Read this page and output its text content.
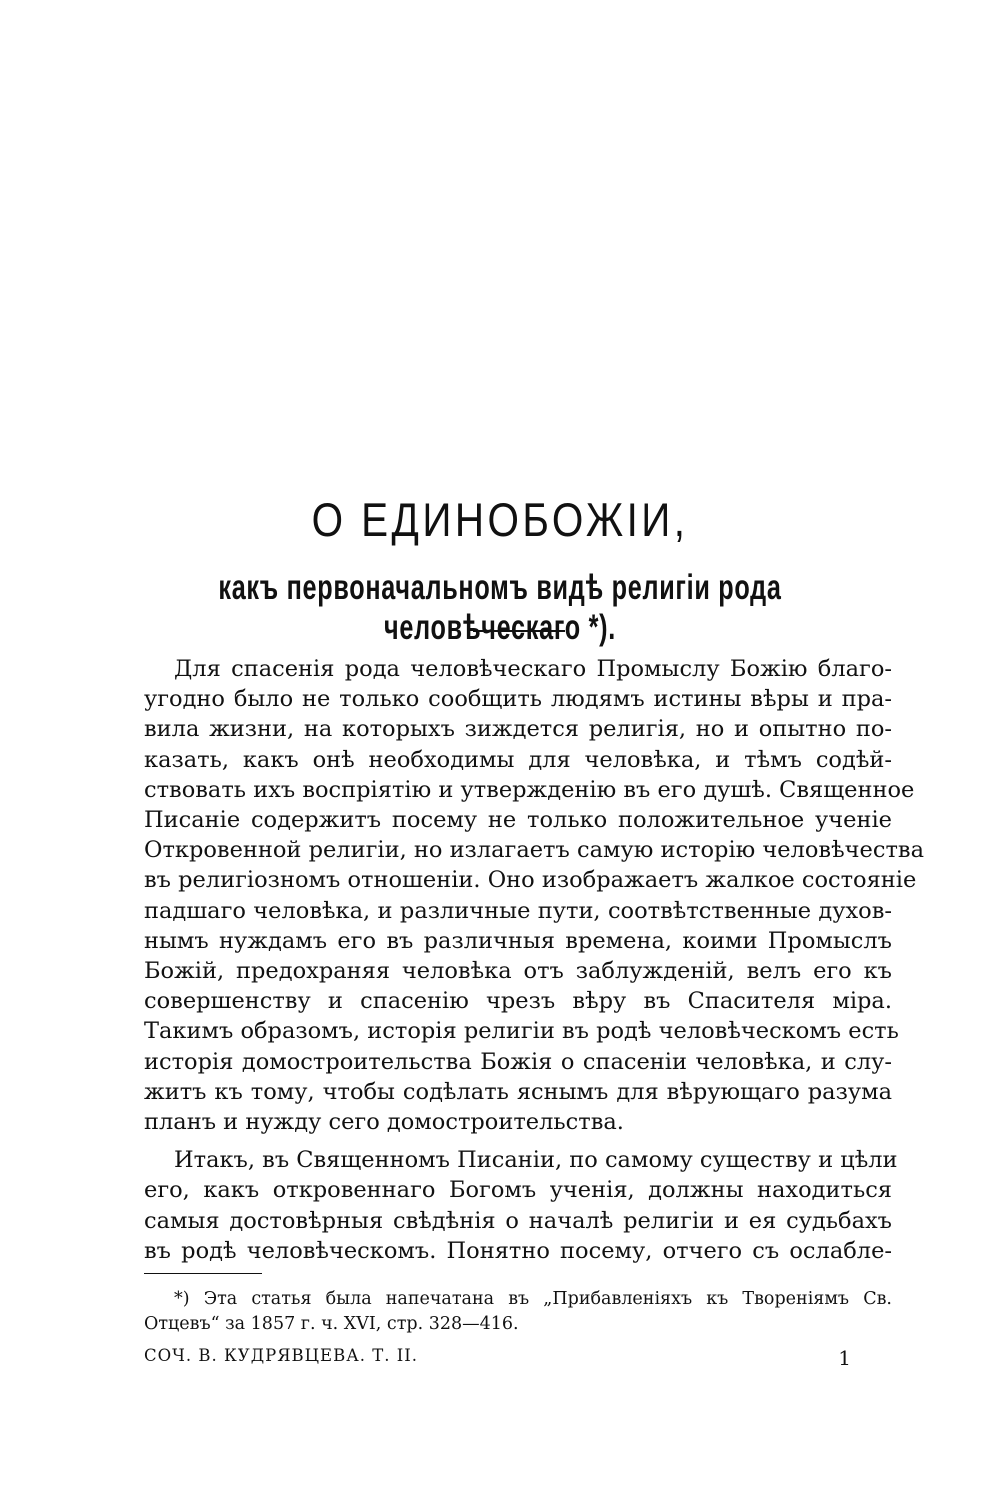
О ЕДИНОБОЖІИ,
какъ первоначальномъ видѣ религіи рода человѣческаго *).
Для спасенія рода человѣческаго Промыслу Божію благо-
угодно было не только сообщить людямъ истины вѣры и пра-
вила жизни, на которыхъ зиждется религія, но и опытно по-
казать, какъ онѣ необходимы для человѣка, и тѣмъ содѣй-
ствовать ихъ воспріятію и утвержденію въ его душѣ. Священное
Писаніе содержитъ посему не только положительное ученіе
Откровенной религіи, но излагаетъ самую исторію человѣчества
въ религіозномъ отношеніи. Оно изображаетъ жалкое состояніе
падшаго человѣка, и различные пути, соотвѣтственные духов-
нымъ нуждамъ его въ различныя времена, коими Промыслъ
Божій, предохраняя человѣка отъ заблужденій, велъ его къ
совершенству и спасенію чрезъ вѣру въ Спасителя міра.
Такимъ образомъ, исторія религіи въ родѣ человѣческомъ есть
исторія домостроительства Божія о спасеніи человѣка, и слу-
житъ къ тому, чтобы содѣлать яснымъ для вѣрующаго разума
планъ и нужду сего домостроительства.
Итакъ, въ Священномъ Писаніи, по самому существу и цѣли
его, какъ откровеннаго Богомъ ученія, должны находиться
самыя достовѣрныя свѣдѣнія о началѣ религіи и ея судьбахъ
въ родѣ человѣческомъ. Понятно посему, отчего съ ослабле-
*) Эта статья была напечатана въ „Прибавленіяхъ къ Твореніямъ Св.
Отцевъ“ за 1857 г. ч. XVI, стр. 328—416.
СОЧ. В. КУДРЯВЦЕВА. Т. II.	1
